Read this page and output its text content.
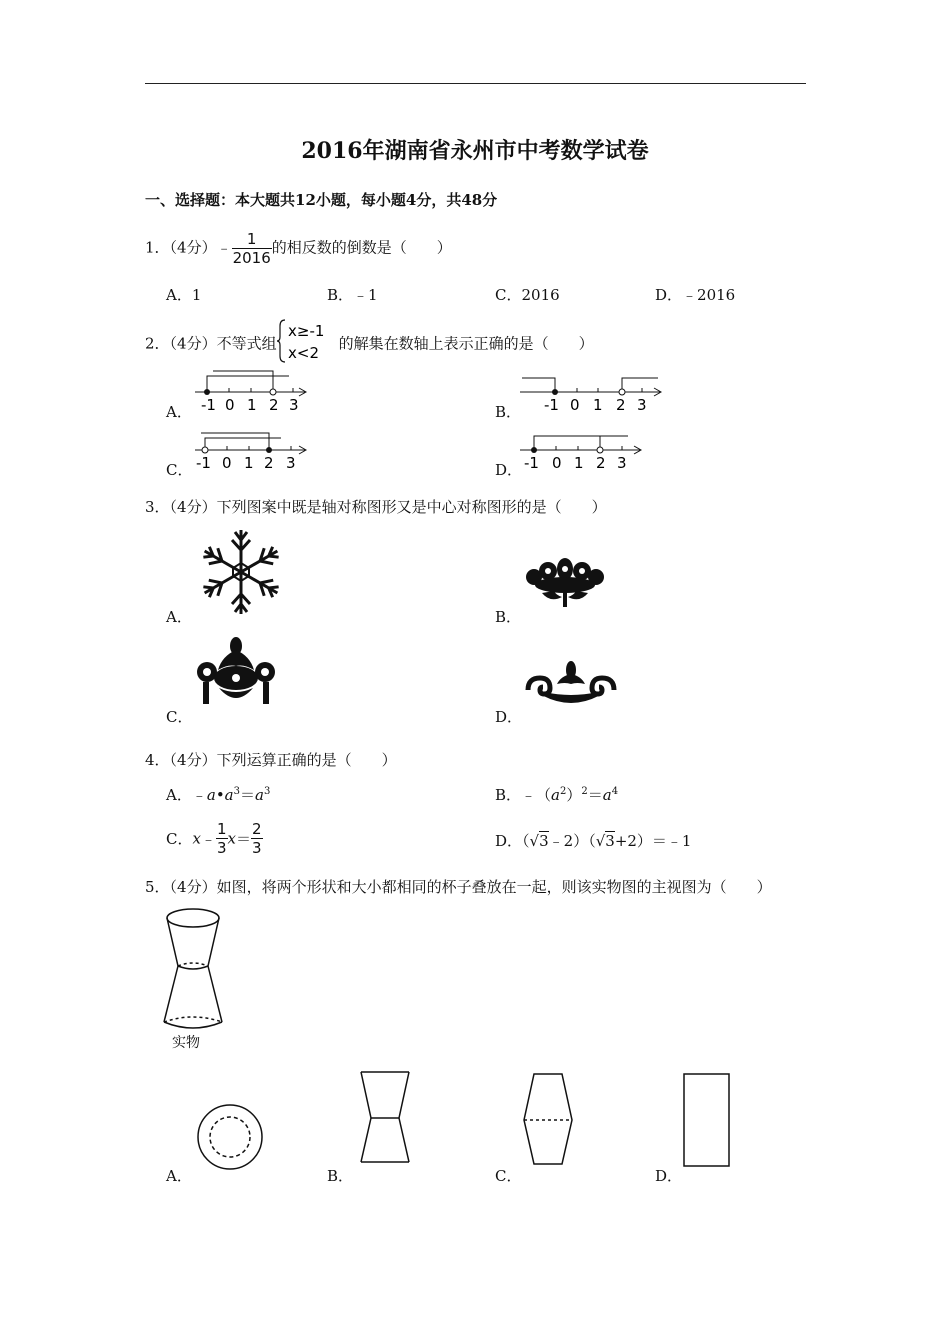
2016年湖南省永州市中考数学试卷
一、选择题：本大题共12小题，每小题4分，共48分
1．（4分）﹣ $\frac{1}{2016}$ 的相反数的倒数是（　　）
A．1	B．﹣1	C．2016	D．﹣2016
2．（4分）不等式组
x≥-1
x<2
的解集在数轴上表示正确的是（　　）
A． -1 0 1 2 3	B． -1 0 1 2 3
C． -1 0 1 2 3	D． -1 0 1 2 3
3．（4分）下列图案中既是轴对称图形又是中心对称图形的是（　　）
A．	B．
C．	D．
4．（4分）下列运算正确的是（　　）
A．$﹣a•a^3=a^3$	B．$﹣(a^2)^2=a^4$
C．x﹣ $\frac{1}{3} x= \frac{2}{3}$	D．（√3﹣2）（√3+2）＝﹣1
5．（4分）如图，将两个形状和大小都相同的杯子叠放在一起，则该实物图的主视图为（　　）
实物
A．	B．	C．	D．
